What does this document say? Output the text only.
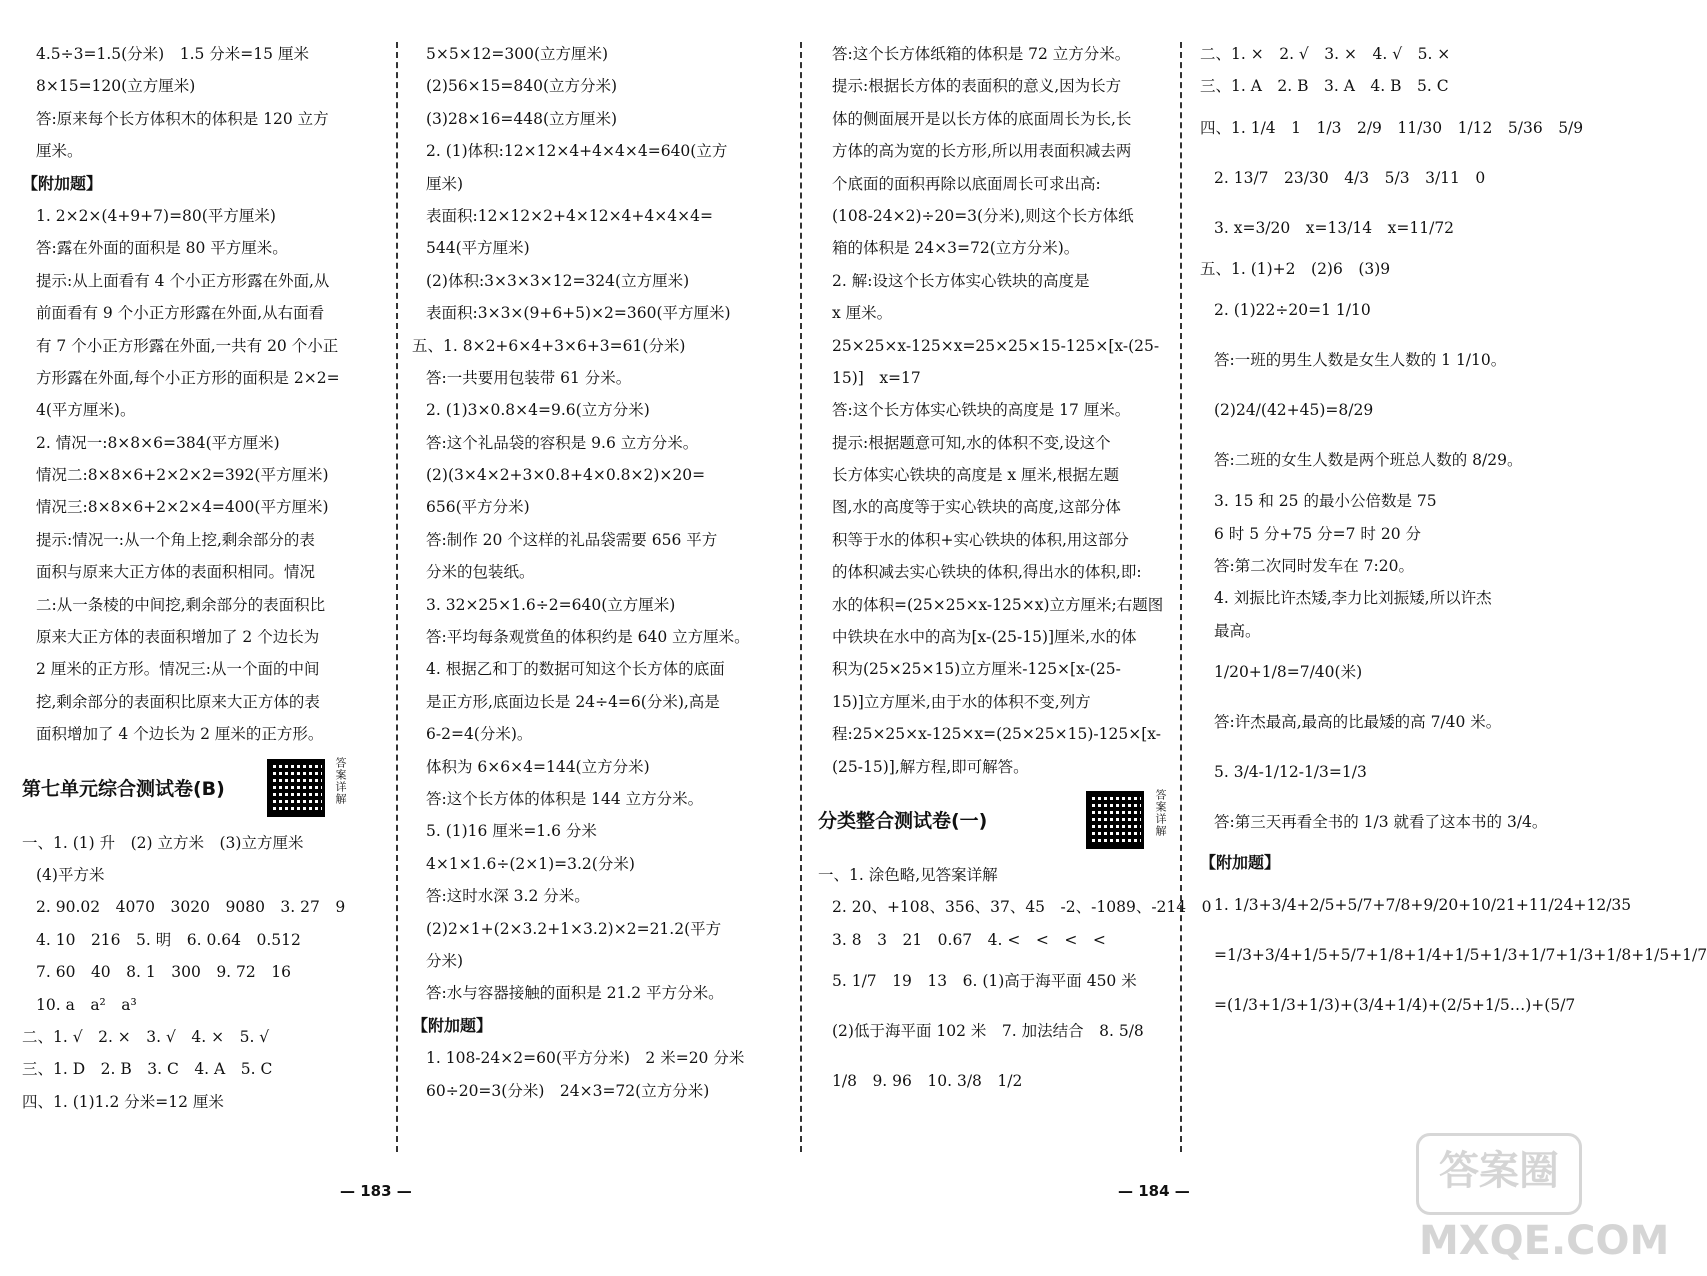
4.5÷3=1.5(分米)　1.5 分米=15 厘米
8×15=120(立方厘米)
答:原来每个长方体积木的体积是 120 立方
厘米。
【附加题】
1. 2×2×(4+9+7)=80(平方厘米)
答:露在外面的面积是 80 平方厘米。
提示:从上面看有 4 个小正方形露在外面,从
前面看有 9 个小正方形露在外面,从右面看
有 7 个小正方形露在外面,一共有 20 个小正
方形露在外面,每个小正方形的面积是 2×2=
4(平方厘米)。
2. 情况一:8×8×6=384(平方厘米)
情况二:8×8×6+2×2×2=392(平方厘米)
情况三:8×8×6+2×2×4=400(平方厘米)
提示:情况一:从一个角上挖,剩余部分的表
面积与原来大正方体的表面积相同。情况
二:从一条棱的中间挖,剩余部分的表面积比
原来大正方体的表面积增加了 2 个边长为
2 厘米的正方形。情况三:从一个面的中间
挖,剩余部分的表面积比原来大正方体的表
面积增加了 4 个边长为 2 厘米的正方形。
第七单元综合测试卷(B)	答案详解
一、1. (1) 升　(2) 立方米　(3)立方厘米
(4)平方米
2. 90.02　4070　3020　9080　3. 27　9
4. 10　216　5. 明　6. 0.64　0.512
7. 60　40　8. 1　300　9. 72　16
10. a　a²　a³
二、1. √　2. ×　3. √　4. ×　5. √
三、1. D　2. B　3. C　4. A　5. C
四、1. (1)1.2 分米=12 厘米
5×5×12=300(立方厘米)
(2)56×15=840(立方分米)
(3)28×16=448(立方厘米)
2. (1)体积:12×12×4+4×4×4=640(立方
厘米)
表面积:12×12×2+4×12×4+4×4×4=
544(平方厘米)
(2)体积:3×3×3×12=324(立方厘米)
表面积:3×3×(9+6+5)×2=360(平方厘米)
五、1. 8×2+6×4+3×6+3=61(分米)
答:一共要用包装带 61 分米。
2. (1)3×0.8×4=9.6(立方分米)
答:这个礼品袋的容积是 9.6 立方分米。
(2)(3×4×2+3×0.8+4×0.8×2)×20=
656(平方分米)
答:制作 20 个这样的礼品袋需要 656 平方
分米的包装纸。
3. 32×25×1.6÷2=640(立方厘米)
答:平均每条观赏鱼的体积约是 640 立方厘米。
4. 根据乙和丁的数据可知这个长方体的底面
是正方形,底面边长是 24÷4=6(分米),高是
6-2=4(分米)。
体积为 6×6×4=144(立方分米)
答:这个长方体的体积是 144 立方分米。
5. (1)16 厘米=1.6 分米
4×1×1.6÷(2×1)=3.2(分米)
答:这时水深 3.2 分米。
(2)2×1+(2×3.2+1×3.2)×2=21.2(平方
分米)
答:水与容器接触的面积是 21.2 平方分米。
【附加题】
1. 108-24×2=60(平方分米)　2 米=20 分米
60÷20=3(分米)　24×3=72(立方分米)
答:这个长方体纸箱的体积是 72 立方分米。
提示:根据长方体的表面积的意义,因为长方
体的侧面展开是以长方体的底面周长为长,长
方体的高为宽的长方形,所以用表面积减去两
个底面的面积再除以底面周长可求出高:
(108-24×2)÷20=3(分米),则这个长方体纸
箱的体积是 24×3=72(立方分米)。
2. 解:设这个长方体实心铁块的高度是
x 厘米。
25×25×x-125×x=25×25×15-125×[x-(25-
15)]　x=17
答:这个长方体实心铁块的高度是 17 厘米。
提示:根据题意可知,水的体积不变,设这个
长方体实心铁块的高度是 x 厘米,根据左题
图,水的高度等于实心铁块的高度,这部分体
积等于水的体积+实心铁块的体积,用这部分
的体积减去实心铁块的体积,得出水的体积,即:
水的体积=(25×25×x-125×x)立方厘米;右题图
中铁块在水中的高为[x-(25-15)]厘米,水的体
积为(25×25×15)立方厘米-125×[x-(25-
15)]立方厘米,由于水的体积不变,列方
程:25×25×x-125×x=(25×25×15)-125×[x-
(25-15)],解方程,即可解答。
分类整合测试卷(一)	答案详解
一、1. 涂色略,见答案详解
2. 20、+108、356、37、45　-2、-1089、-214　0
3. 8　3　21　0.67　4. <　<　<　<
5. 1/7　19　13　6. (1)高于海平面 450 米
(2)低于海平面 102 米　7. 加法结合　8. 5/8
1/8　9. 96　10. 3/8　1/2
二、1. ×　2. √　3. ×　4. √　5. ×
三、1. A　2. B　3. A　4. B　5. C
四、1. 1/4　1　1/3　2/9　11/30　1/12　5/36　5/9
2. 13/7　23/30　4/3　5/3　3/11　0
3. x=3/20　x=13/14　x=11/72
五、1. (1)+2　(2)6　(3)9
2. (1)22÷20=1 1/10
答:一班的男生人数是女生人数的 1 1/10。
(2)24/(42+45)=8/29
答:二班的女生人数是两个班总人数的 8/29。
3. 15 和 25 的最小公倍数是 75
6 时 5 分+75 分=7 时 20 分
答:第二次同时发车在 7:20。
4. 刘振比许杰矮,李力比刘振矮,所以许杰
最高。
1/20+1/8=7/40(米)
答:许杰最高,最高的比最矮的高 7/40 米。
5. 3/4-1/12-1/3=1/3
答:第三天再看全书的 1/3 就看了这本书的 3/4。
【附加题】
1. 1/3+3/4+2/5+5/7+7/8+9/20+10/21+11/24+12/35
=1/3+3/4+1/5+5/7+1/8+1/4+1/5+1/3+1/7+1/3+1/8+1/5+1/7
=(1/3+1/3+1/3)+(3/4+1/4)+(2/5+1/5…)+(5/7
— 183 —	— 184 —	答案圈 MXQE.COM
